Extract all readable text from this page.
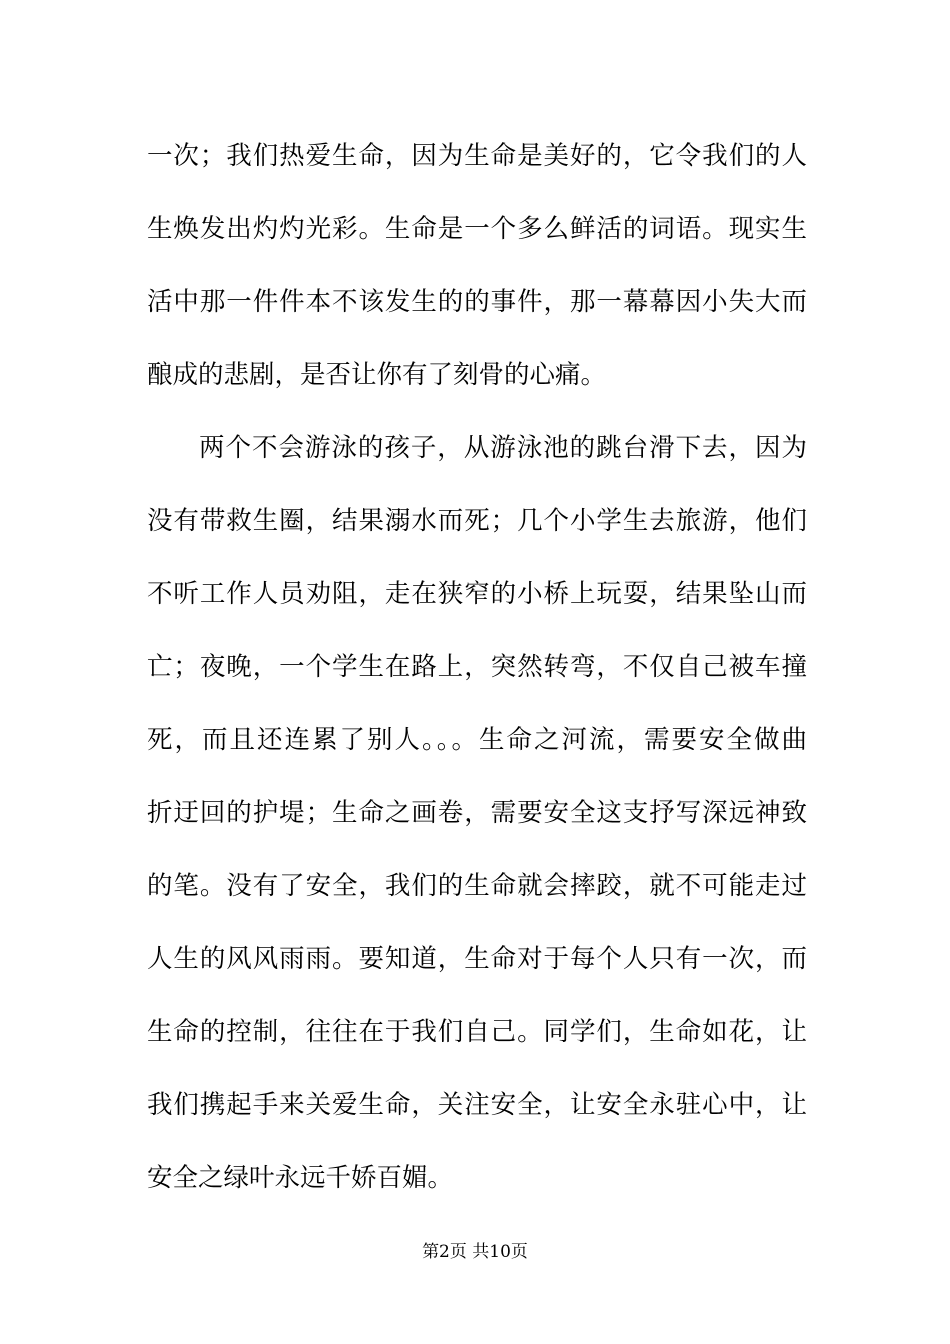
一次；我们热爱生命，因为生命是美好的，它令我们的人
生焕发出灼灼光彩。生命是一个多么鲜活的词语。现实生
活中那一件件本不该发生的的事件，那一幕幕因小失大而
酿成的悲剧，是否让你有了刻骨的心痛。
两个不会游泳的孩子，从游泳池的跳台滑下去，因为
没有带救生圈，结果溺水而死；几个小学生去旅游，他们
不听工作人员劝阻，走在狭窄的小桥上玩耍，结果坠山而
亡；夜晚，一个学生在路上，突然转弯，不仅自己被车撞
死，而且还连累了别人。。。生命之河流，需要安全做曲
折迂回的护堤；生命之画卷，需要安全这支抒写深远神致
的笔。没有了安全，我们的生命就会摔跤，就不可能走过
人生的风风雨雨。要知道，生命对于每个人只有一次，而
生命的控制，往往在于我们自己。同学们，生命如花，让
我们携起手来关爱生命，关注安全，让安全永驻心中，让
安全之绿叶永远千娇百媚。
第2页 共10页
